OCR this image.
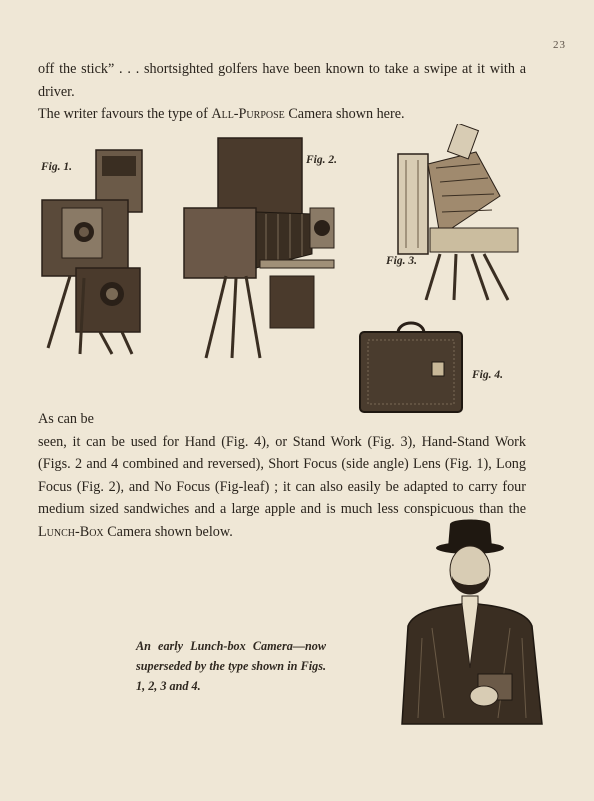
23

off the stick” . . . shortsighted golfers have been known to take a swipe at it with a driver.
The writer favours the type of All-Purpose Camera shown here.

Fig. 1.
Fig. 2.
Fig. 3.
Fig. 4.

As can be
seen, it can be used for Hand (Fig. 4), or Stand Work (Fig. 3), Hand-Stand Work (Figs. 2 and 4 combined and reversed), Short Focus (side angle) Lens (Fig. 1), Long Focus (Fig. 2), and No Focus (Fig-leaf) ; it can also easily be adapted to carry four medium sized sandwiches and a large apple and is much less conspicuous than the Lunch-Box Camera shown below.

An early Lunch-box Camera—now superseded by the type shown in Figs. 1, 2, 3 and 4.
